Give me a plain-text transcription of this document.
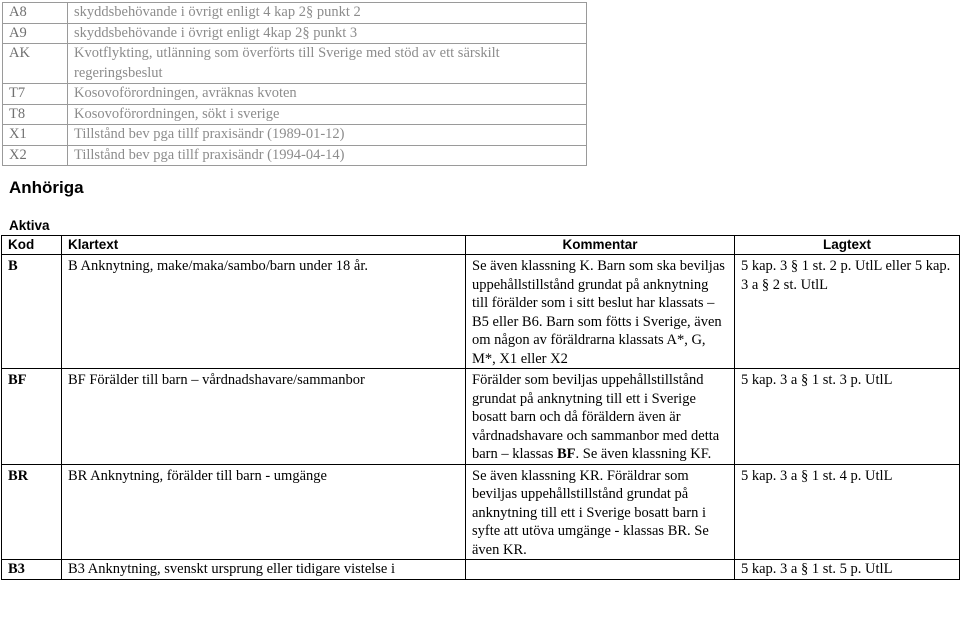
A8	skyddsbehövande i övrigt enligt 4 kap 2§ punkt 2
A9	skyddsbehövande i övrigt enligt 4kap 2§ punkt 3
AK	Kvotflykting, utlänning som överförts till Sverige med stöd av ett särskilt regeringsbeslut
T7	Kosovoförordningen, avräknas kvoten
T8	Kosovoförordningen, sökt i sverige
X1	Tillstånd bev pga tillf praxisändr (1989-01-12)
X2	Tillstånd bev pga tillf praxisändr (1994-04-14)
Anhöriga
Aktiva
Kod	Klartext	Kommentar	Lagtext
B	B Anknytning, make/maka/sambo/barn under 18 år.	Se även klassning K. Barn som ska beviljas uppehållstillstånd grundat på anknytning till förälder som i sitt beslut har klassats – B5 eller B6. Barn som fötts i Sverige, även om någon av föräldrarna klassats A*, G, M*, X1 eller X2	5 kap. 3 § 1 st. 2 p. UtlL eller 5 kap. 3 a § 2 st. UtlL
BF	BF Förälder till barn – vårdnadshavare/sammanbor	Förälder som beviljas uppehållstillstånd grundat på anknytning till ett i Sverige bosatt barn och då föräldern även är vårdnadshavare och sammanbor med detta barn – klassas BF. Se även klassning KF.	5 kap. 3 a § 1 st. 3 p. UtlL
BR	BR Anknytning, förälder till barn - umgänge	Se även klassning KR. Föräldrar som beviljas uppehållstillstånd grundat på anknytning till ett i Sverige bosatt barn i syfte att utöva umgänge - klassas BR. Se även KR.	5 kap. 3 a § 1 st. 4 p. UtlL
B3	B3 Anknytning, svenskt ursprung eller tidigare vistelse i		5 kap. 3 a § 1 st. 5 p. UtlL
